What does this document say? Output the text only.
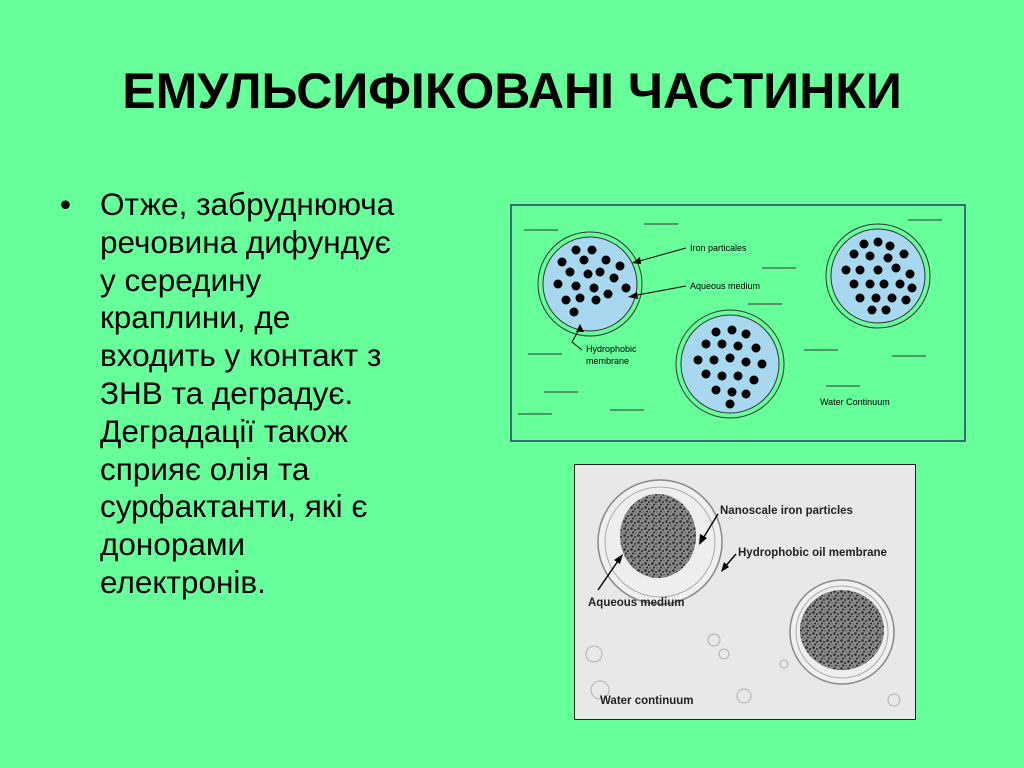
ЕМУЛЬСИФІКОВАНІ ЧАСТИНКИ
• Отже, забруднююча
речовина дифундує
у середину
краплини, де
входить у контакт з
ЗНВ та деградує.
Деградації також
сприяє олія та
сурфактанти, які є
донорами
електронів.
Iron particales
Aqueous medium
Hydrophobic
membrane
Water Continuum
Nanoscale iron particles
Hydrophobic oil membrane
Aqueous medium
Water continuum
